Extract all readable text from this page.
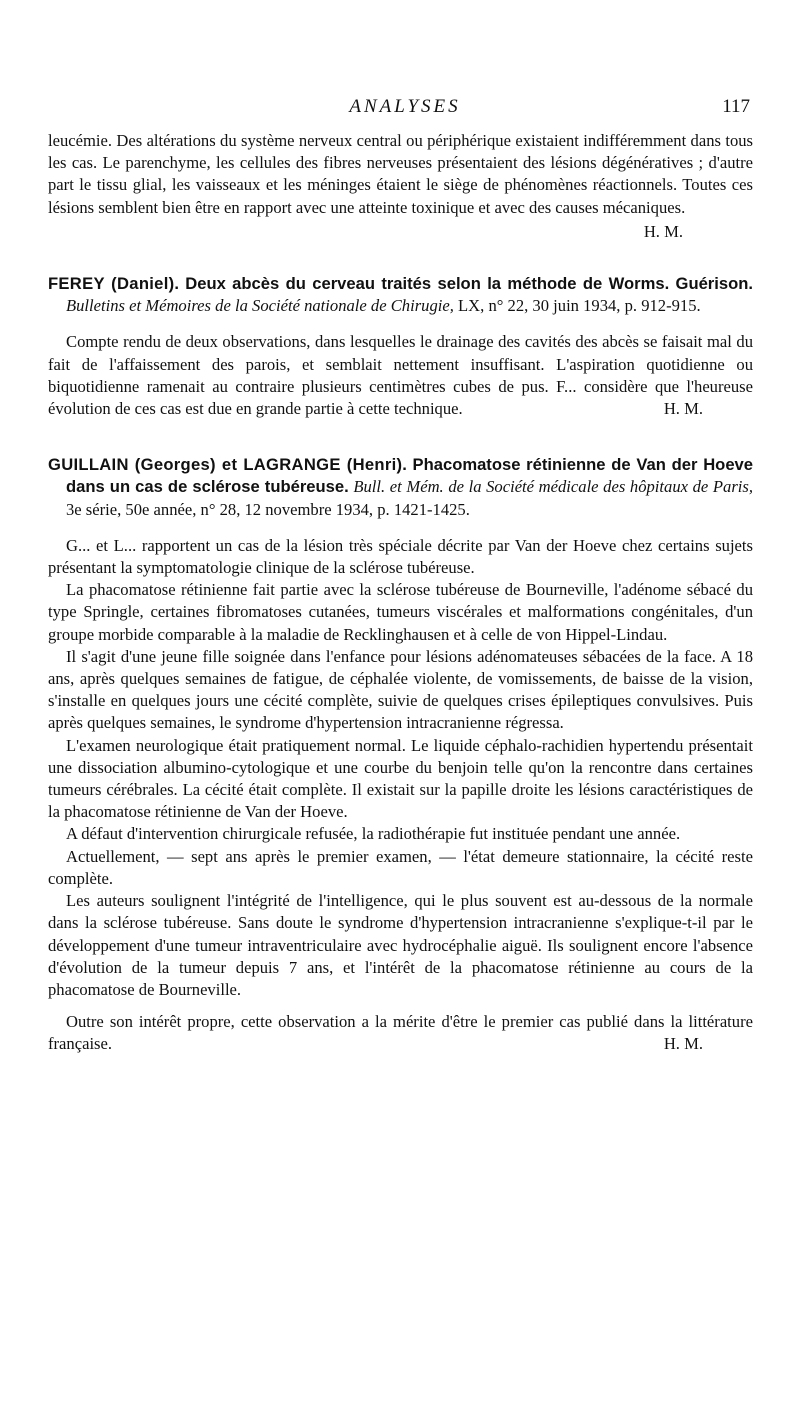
ANALYSES	117

leucémie. Des altérations du système nerveux central ou périphérique existaient indifféremment dans tous les cas. Le parenchyme, les cellules des fibres nerveuses présentaient des lésions dégénératives ; d'autre part le tissu glial, les vaisseaux et les méninges étaient le siège de phénomènes réactionnels. Toutes ces lésions semblent bien être en rapport avec une atteinte toxinique et avec des causes mécaniques.

H. M.

FEREY (Daniel). Deux abcès du cerveau traités selon la méthode de Worms. Guérison. Bulletins et Mémoires de la Société nationale de Chirugie, LX, n° 22, 30 juin 1934, p. 912-915.

Compte rendu de deux observations, dans lesquelles le drainage des cavités des abcès se faisait mal du fait de l'affaissement des parois, et semblait nettement insuffisant. L'aspiration quotidienne ou biquotidienne ramenait au contraire plusieurs centimètres cubes de pus. F... considère que l'heureuse évolution de ces cas est due en grande partie à cette technique.	H. M.

GUILLAIN (Georges) et LAGRANGE (Henri). Phacomatose rétinienne de Van der Hoeve dans un cas de sclérose tubéreuse. Bull. et Mém. de la Société médicale des hôpitaux de Paris, 3e série, 50e année, n° 28, 12 novembre 1934, p. 1421-1425.

G... et L... rapportent un cas de la lésion très spéciale décrite par Van der Hoeve chez certains sujets présentant la symptomatologie clinique de la sclérose tubéreuse.

La phacomatose rétinienne fait partie avec la sclérose tubéreuse de Bourneville, l'adénome sébacé du type Springle, certaines fibromatoses cutanées, tumeurs viscérales et malformations congénitales, d'un groupe morbide comparable à la maladie de Recklinghausen et à celle de von Hippel-Lindau.

Il s'agit d'une jeune fille soignée dans l'enfance pour lésions adénomateuses sébacées de la face. A 18 ans, après quelques semaines de fatigue, de céphalée violente, de vomissements, de baisse de la vision, s'installe en quelques jours une cécité complète, suivie de quelques crises épileptiques convulsives. Puis après quelques semaines, le syndrome d'hypertension intracranienne régressa.

L'examen neurologique était pratiquement normal. Le liquide céphalo-rachidien hypertendu présentait une dissociation albumino-cytologique et une courbe du benjoin telle qu'on la rencontre dans certaines tumeurs cérébrales. La cécité était complète. Il existait sur la papille droite les lésions caractéristiques de la phacomatose rétinienne de Van der Hoeve.

A défaut d'intervention chirurgicale refusée, la radiothérapie fut instituée pendant une année.

Actuellement, — sept ans après le premier examen, — l'état demeure stationnaire, la cécité reste complète.

Les auteurs soulignent l'intégrité de l'intelligence, qui le plus souvent est au-dessous de la normale dans la sclérose tubéreuse. Sans doute le syndrome d'hypertension intracranienne s'explique-t-il par le développement d'une tumeur intraventriculaire avec hydrocéphalie aiguë. Ils soulignent encore l'absence d'évolution de la tumeur depuis 7 ans, et l'intérêt de la phacomatose rétinienne au cours de la phacomatose de Bourneville.

Outre son intérêt propre, cette observation a la mérite d'être le premier cas publié dans la littérature française.	H. M.
